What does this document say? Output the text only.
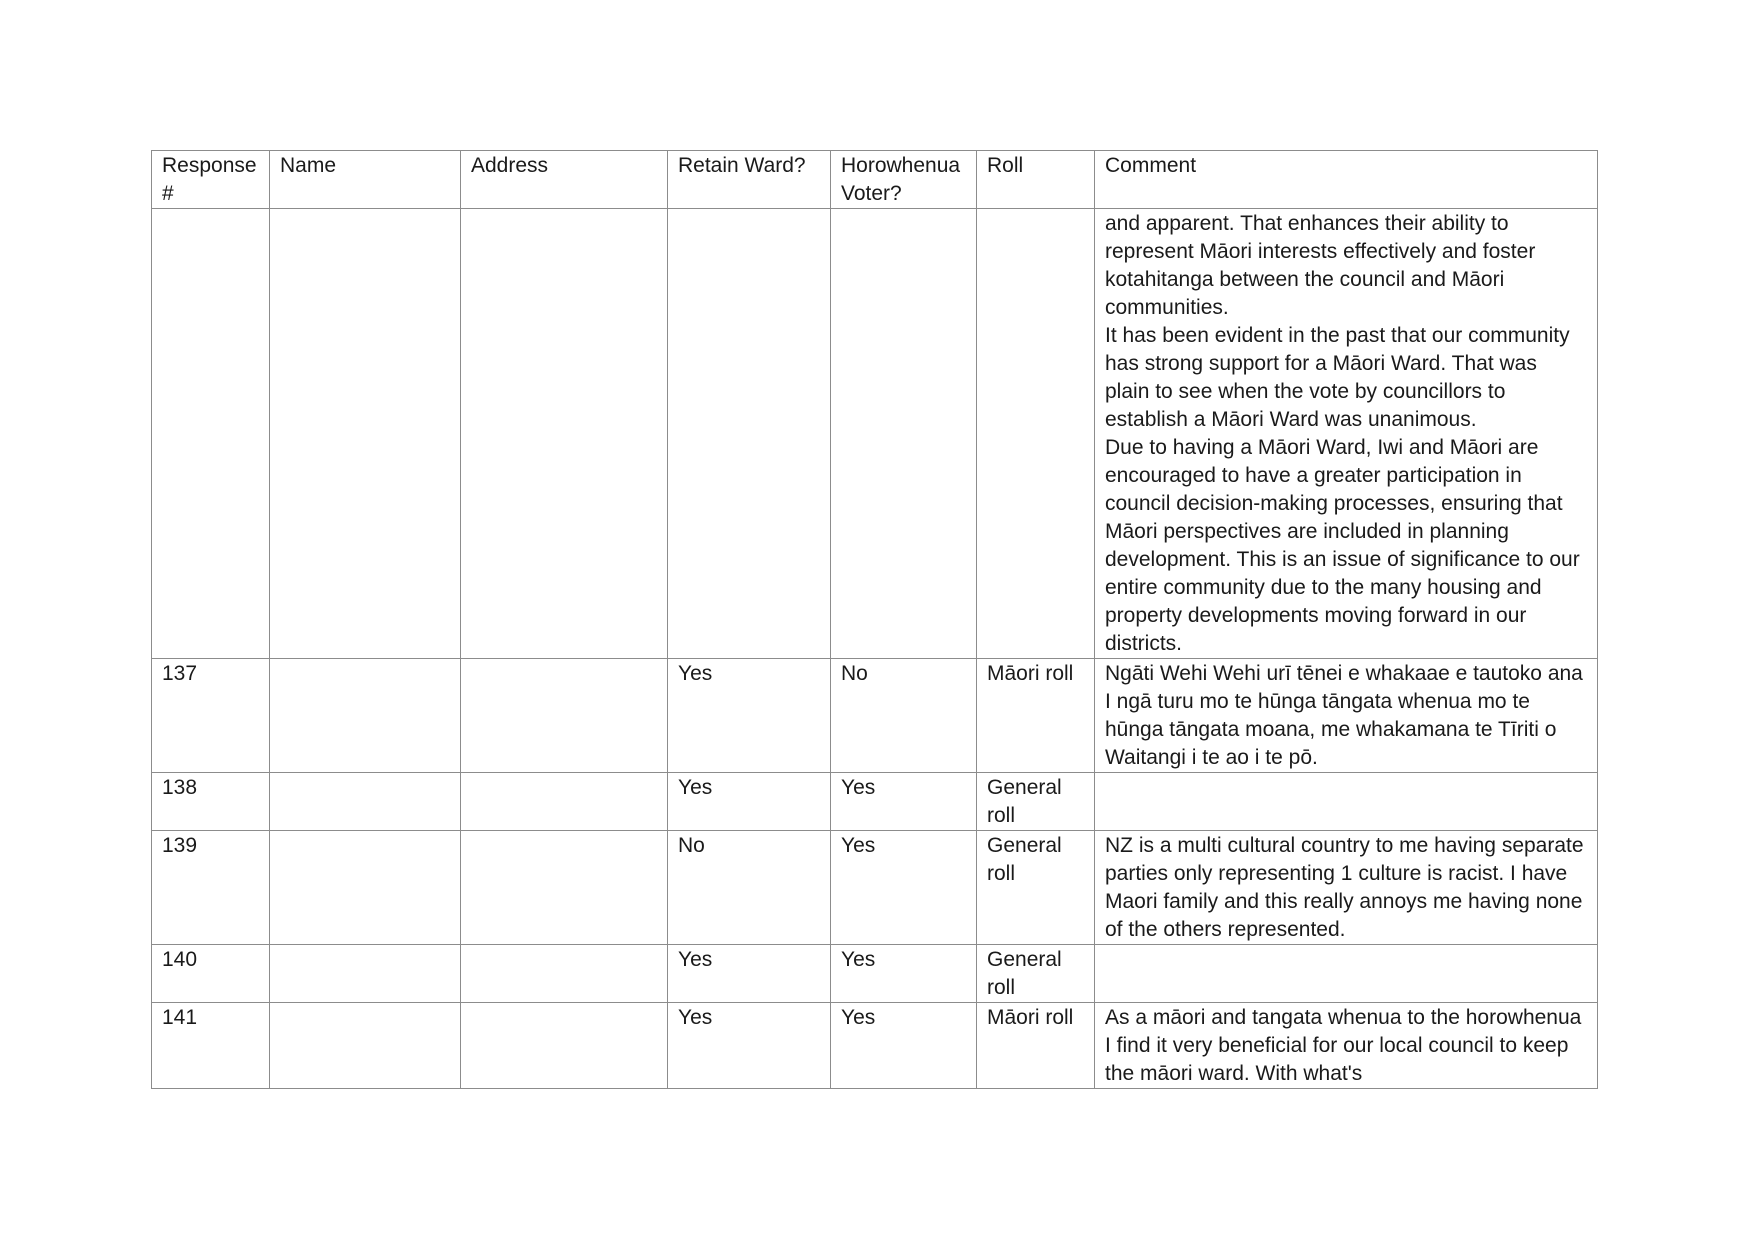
Response #	Name	Address	Retain Ward?	Horowhenua Voter?	Roll	Comment
						and apparent. That enhances their ability to represent Māori interests effectively and foster kotahitanga between the council and Māori communities.
It has been evident in the past that our community has strong support for a Māori Ward. That was plain to see when the vote by councillors to establish a Māori Ward was unanimous.
Due to having a Māori Ward, Iwi and Māori are encouraged to have a greater participation in council decision-making processes, ensuring that Māori perspectives are included in planning development. This is an issue of significance to our entire community due to the many housing and property developments moving forward in our districts.
137			Yes	No	Māori roll	Ngāti Wehi Wehi urī tēnei e whakaae e tautoko ana I ngā turu mo te hūnga tāngata whenua mo te hūnga tāngata moana, me whakamana te Tīriti o Waitangi i te ao i te pō.
138			Yes	Yes	General roll	
139			No	Yes	General roll	NZ is a multi cultural country to me having separate parties only representing 1 culture is racist. I have Maori family and this really annoys me having none of the others represented.
140			Yes	Yes	General roll	
141			Yes	Yes	Māori roll	As a māori and tangata whenua to the horowhenua I find it very beneficial for our local council to keep the māori ward. With what's
